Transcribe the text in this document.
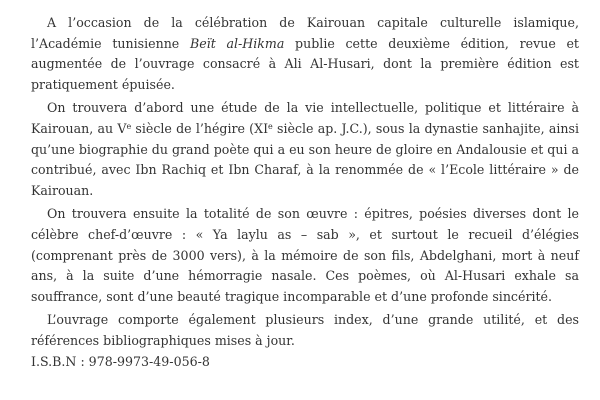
A l’occasion de la célébration de Kairouan capitale culturelle islamique, l’Académie tunisienne Beït al-Hikma publie cette deuxième édition, revue et augmentée de l’ouvrage consacré à Ali Al-Husari, dont la première édition est pratiquement épuisée.

On trouvera d’abord une étude de la vie intellectuelle, politique et littéraire à Kairouan, au Ve siècle de l’hégire (XIe siècle ap. J.C.), sous la dynastie sanhajite, ainsi qu’une biographie du grand poète qui a eu son heure de gloire en Andalousie et qui a contribué, avec Ibn Rachiq et Ibn Charaf, à la renommée de « l’Ecole littéraire » de Kairouan.

On trouvera ensuite la totalité de son œuvre : épitres, poésies diverses dont le célèbre chef-d’œuvre : « Ya laylu as – sab », et surtout le recueil d’élégies (comprenant près de 3000 vers), à la mémoire de son fils, Abdelghani, mort à neuf ans, à la suite d’une hémorragie nasale. Ces poèmes, où Al-Husari exhale sa souffrance, sont d’une beauté tragique incomparable et d’une profonde sincérité.

L’ouvrage comporte également plusieurs index, d’une grande utilité, et des références bibliographiques mises à jour.

I.S.B.N : 978-9973-49-056-8
